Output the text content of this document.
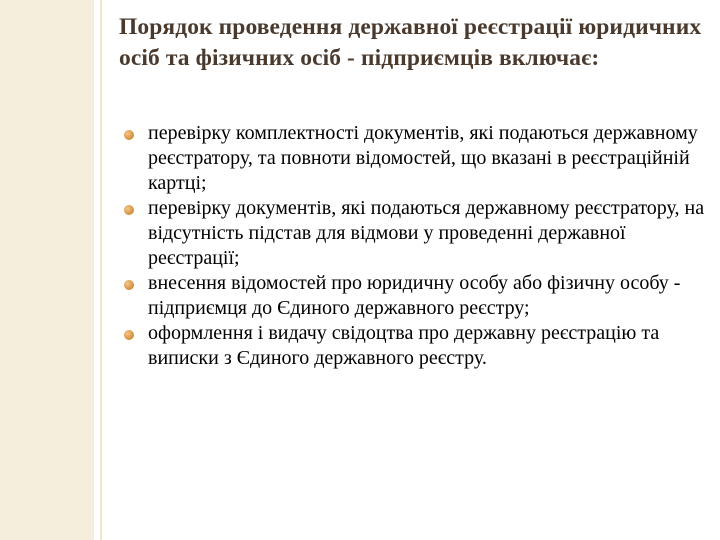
Порядок проведення державної реєстрації юридичних осіб та фізичних осіб - підприємців включає:
перевірку комплектності документів, які подаються державному реєстратору, та повноти відомостей, що вказані в реєстраційній картці;
перевірку документів, які подаються державному реєстратору, на відсутність підстав для відмови у проведенні державної реєстрації;
внесення відомостей про юридичну особу або фізичну особу - підприємця до Єдиного державного реєстру;
оформлення і видачу свідоцтва про державну реєстрацію та виписки з Єдиного державного реєстру.
